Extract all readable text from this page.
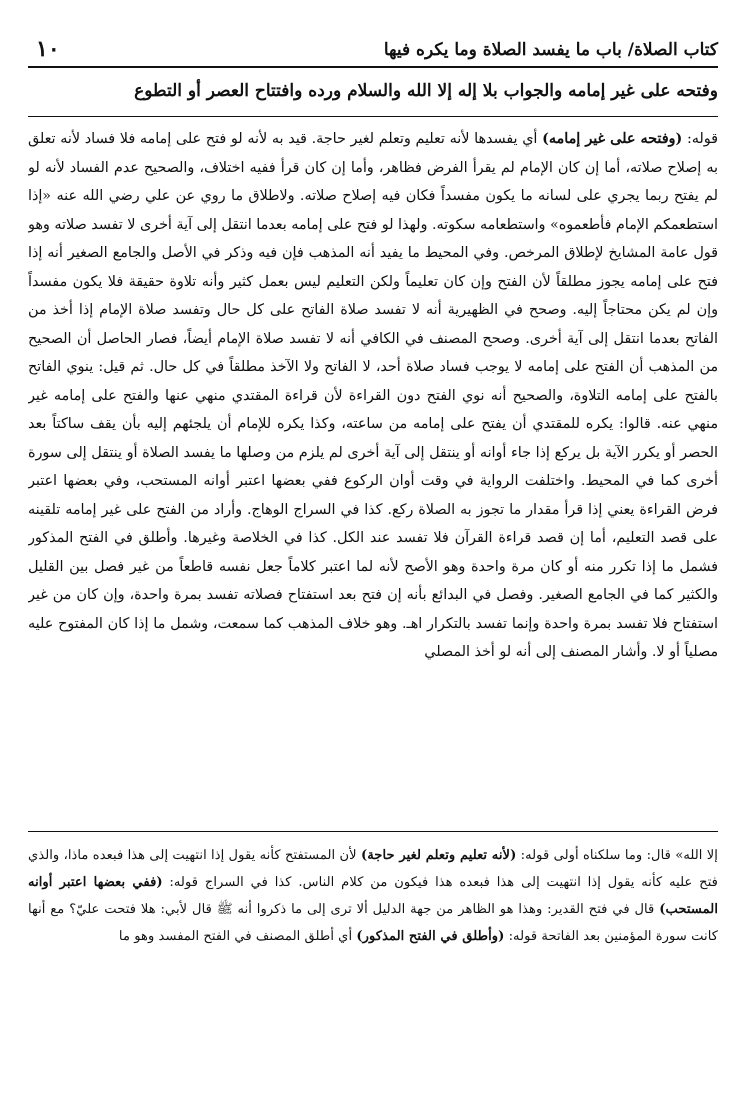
كتاب الصلاة/ باب ما يفسد الصلاة وما يكره فيها
١٠
وفتحه على غير إمامه والجواب بلا إله إلا الله والسلام ورده وافتتاح العصر أو التطوع
قوله: (وفتحه على غير إمامه) أي يفسدها لأنه تعليم وتعلم لغير حاجة. قيد به لأنه لو فتح على إمامه فلا فساد لأنه تعلق به إصلاح صلاته، أما إن كان الإمام لم يقرأ الفرض فظاهر، وأما إن كان قرأ ففيه اختلاف، والصحيح عدم الفساد لأنه لو لم يفتح ربما يجري على لسانه ما يكون مفسداً فكان فيه إصلاح صلاته. ولاطلاق ما روي عن علي رضي الله عنه «إذا استطعمكم الإمام فأطعموه» واستطعامه سكوته. ولهذا لو فتح على إمامه بعدما انتقل إلى آية أخرى لا تفسد صلاته وهو قول عامة المشايخ لإطلاق المرخص. وفي المحيط ما يفيد أنه المذهب فإن فيه وذكر في الأصل والجامع الصغير أنه إذا فتح على إمامه يجوز مطلقاً لأن الفتح وإن كان تعليماً ولكن التعليم ليس بعمل كثير وأنه تلاوة حقيقة فلا يكون مفسداً وإن لم يكن محتاجاً إليه. وصحح في الظهيرية أنه لا تفسد صلاة الفاتح على كل حال وتفسد صلاة الإمام إذا أخذ من الفاتح بعدما انتقل إلى آية أخرى. وصحح المصنف في الكافي أنه لا تفسد صلاة الإمام أيضاً، فصار الحاصل أن الصحيح من المذهب أن الفتح على إمامه لا يوجب فساد صلاة أحد، لا الفاتح ولا الآخذ مطلقاً في كل حال. ثم قيل: ينوي الفاتح بالفتح على إمامه التلاوة، والصحيح أنه نوي الفتح دون القراءة لأن قراءة المقتدي منهي عنها والفتح على إمامه غير منهي عنه. قالوا: يكره للمقتدي أن يفتح على إمامه من ساعته، وكذا يكره للإمام أن يلجئهم إليه بأن يقف ساكتاً بعد الحصر أو يكرر الآية بل يركع إذا جاء أوانه أو ينتقل إلى آية أخرى لم يلزم من وصلها ما يفسد الصلاة أو ينتقل إلى سورة أخرى كما في المحيط. واختلفت الرواية في وقت أوان الركوع ففي بعضها اعتبر أوانه المستحب، وفي بعضها اعتبر فرض القراءة يعني إذا قرأ مقدار ما تجوز به الصلاة ركع. كذا في السراج الوهاج. وأراد من الفتح على غير إمامه تلقينه على قصد التعليم، أما إن قصد قراءة القرآن فلا تفسد عند الكل. كذا في الخلاصة وغيرها. وأطلق في الفتح المذكور فشمل ما إذا تكرر منه أو كان مرة واحدة وهو الأصح لأنه لما اعتبر كلاماً جعل نفسه قاطعاً من غير فصل بين القليل والكثير كما في الجامع الصغير. وفصل في البدائع بأنه إن فتح بعد استفتاح فصلاته تفسد بمرة واحدة، وإن كان من غير استفتاح فلا تفسد بمرة واحدة وإنما تفسد بالتكرار اهـ. وهو خلاف المذهب كما سمعت، وشمل ما إذا كان المفتوح عليه مصلياً أو لا. وأشار المصنف إلى أنه لو أخذ المصلي
إلا الله» قال: وما سلكناه أولى قوله: (لأنه تعليم وتعلم لغير حاجة) لأن المستفتح كأنه يقول إذا انتهيت إلى هذا فبعده ماذا، والذي فتح عليه كأنه يقول إذا انتهيت إلى هذا فبعده هذا فيكون من كلام الناس. كذا في السراج قوله: (ففي بعضها اعتبر أوانه المستحب) قال في فتح القدير: وهذا هو الظاهر من جهة الدليل ألا ترى إلى ما ذكروا أنه ﷺ قال لأبي: هلا فتحت عليّ؟ مع أنها كانت سورة المؤمنين بعد الفاتحة قوله: (وأطلق في الفتح المذكور) أي أطلق المصنف في الفتح المفسد وهو ما
